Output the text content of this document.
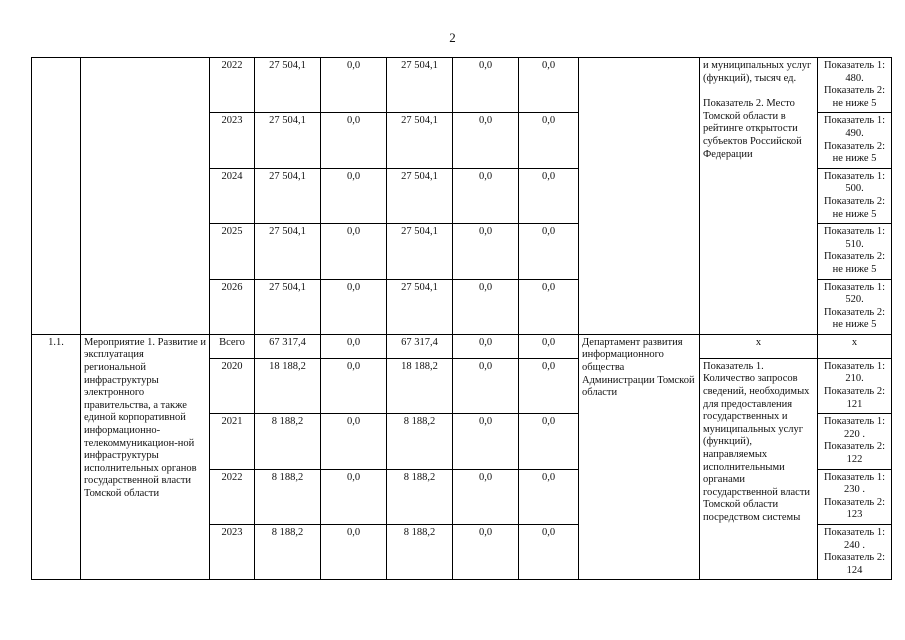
2
		2022	27 504,1	0,0	27 504,1	0,0	0,0		и муниципальных услуг (функций), тысяч ед.
Показатель 2. Место Томской области в рейтинге открытости субъектов Российской Федерации	Показатель 1: 480. Показатель 2: не ниже 5
		2023	27 504,1	0,0	27 504,1	0,0	0,0			Показатель 1: 490. Показатель 2: не ниже 5
		2024	27 504,1	0,0	27 504,1	0,0	0,0			Показатель 1: 500. Показатель 2: не ниже 5
		2025	27 504,1	0,0	27 504,1	0,0	0,0			Показатель 1: 510. Показатель 2: не ниже 5
		2026	27 504,1	0,0	27 504,1	0,0	0,0			Показатель 1: 520. Показатель 2: не ниже 5
1.1.	Мероприятие 1. Развитие и эксплуатация региональной инфраструктуры электронного правительства, а также единой корпоративной информационно-телекоммуникацион-ной инфраструктуры исполнительных органов государственной власти Томской области	Всего	67 317,4	0,0	67 317,4	0,0	0,0	Департамент развития информационного общества Администрации Томской области	x	x
		2020	18 188,2	0,0	18 188,2	0,0	0,0		Показатель 1. Количество запросов сведений, необходимых для предоставления государственных и муниципальных услуг (функций), направляемых исполнительными органами государственной власти Томской области посредством системы	Показатель 1: 210. Показатель 2: 121
		2021	8 188,2	0,0	8 188,2	0,0	0,0			Показатель 1: 220 . Показатель 2: 122
		2022	8 188,2	0,0	8 188,2	0,0	0,0			Показатель 1: 230 . Показатель 2: 123
		2023	8 188,2	0,0	8 188,2	0,0	0,0			Показатель 1: 240 . Показатель 2: 124
